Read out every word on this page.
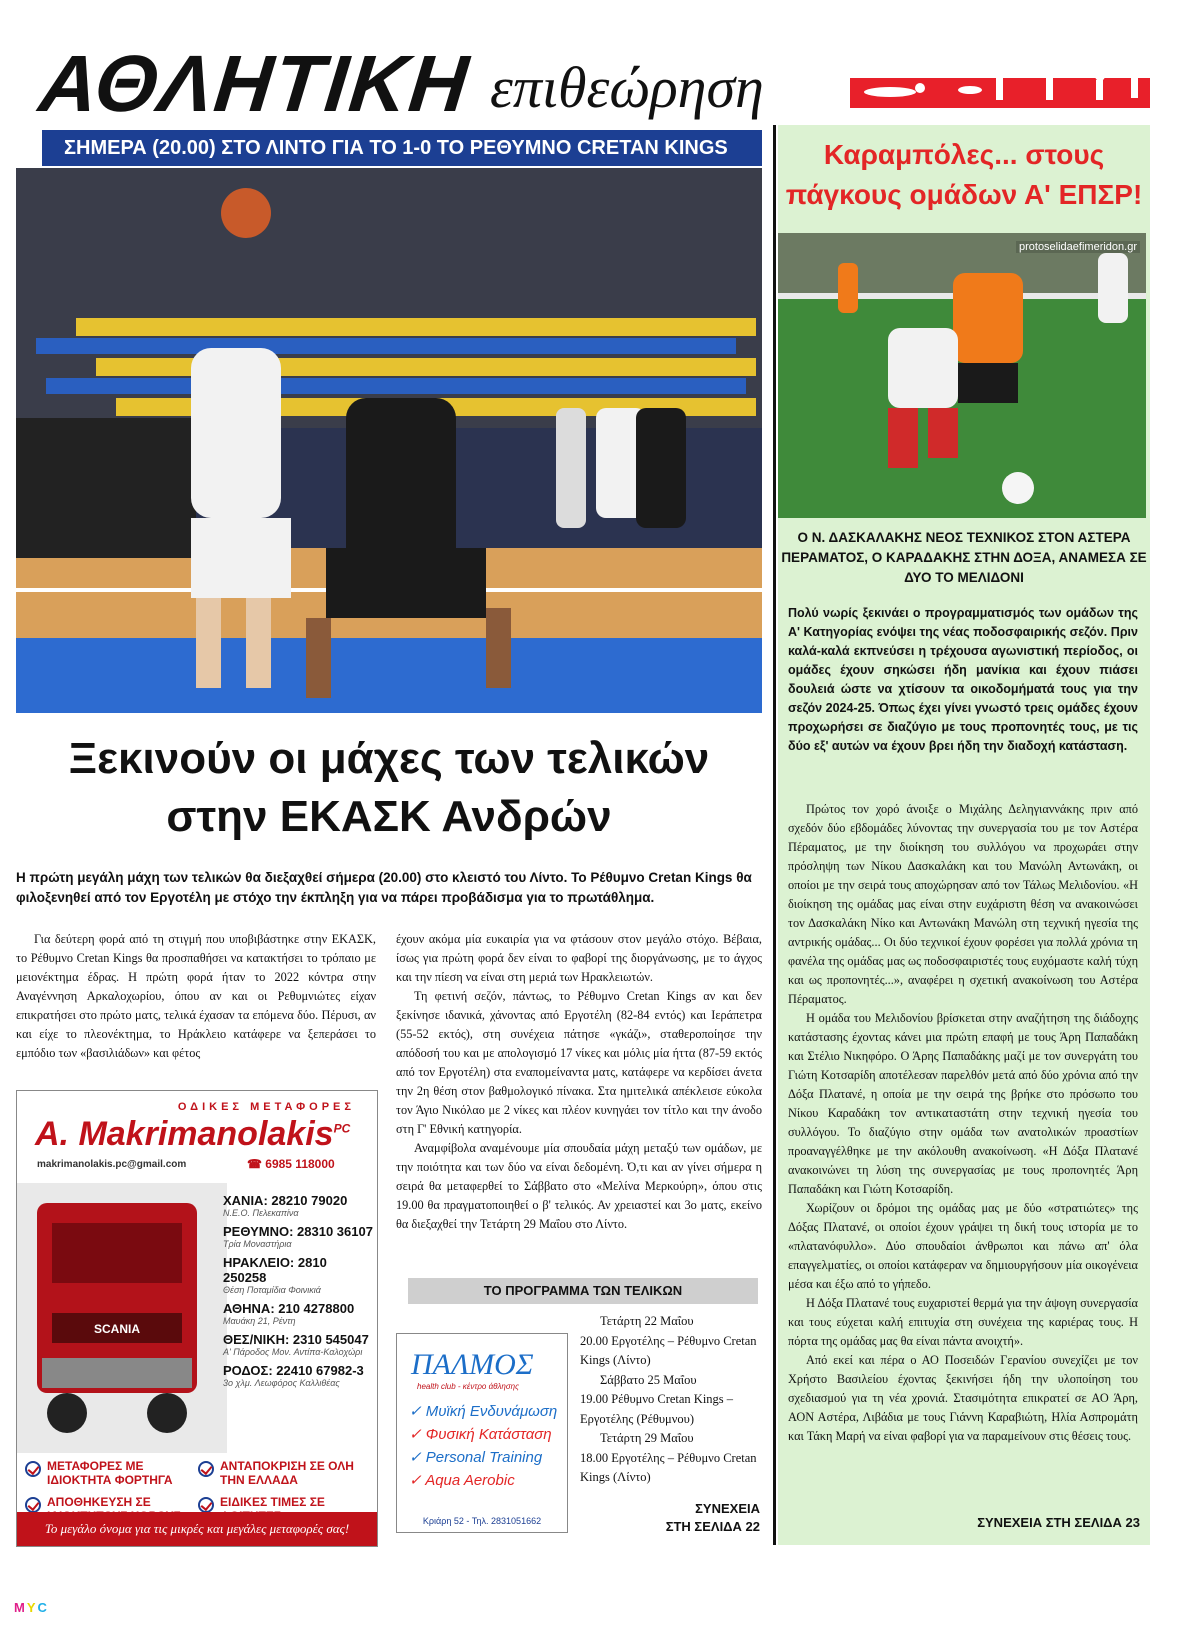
ΑΘΛΗΤΙΚΗ επιθεώρηση
ΣΗΜΕΡΑ (20.00) ΣΤΟ ΛΙΝΤΟ ΓΙΑ ΤΟ 1-0 ΤΟ ΡΕΘΥΜΝΟ CRETAN KINGS
Ξεκινούν οι μάχες των τελικών
στην ΕΚΑΣΚ Ανδρών
Η πρώτη μεγάλη μάχη των τελικών θα διεξαχθεί σήμερα (20.00) στο κλειστό του Λίντο. Το Ρέθυμνο Cretan Kings θα φιλοξενηθεί από τον Εργοτέλη με στόχο την έκπληξη για να πάρει προβάδισμα για το πρωτάθλημα.

Για δεύτερη φορά από τη στιγμή που υποβιβάστηκε στην ΕΚΑΣΚ, το Ρέθυμνο Cretan Kings θα προσπαθήσει να κατακτήσει το τρόπαιο με μειονέκτημα έδρας. Η πρώτη φορά ήταν το 2022 κόντρα στην Αναγέννηση Αρκαλοχωρίου, όπου αν και οι Ρεθυμνιώτες είχαν επικρατήσει στο πρώτο ματς, τελικά έχασαν τα επόμενα δύο. Πέρυσι, αν και είχε το πλεονέκτημα, το Ηράκλειο κατάφερε να ξεπεράσει το εμπόδιο των «βασιλιάδων» και φέτος

έχουν ακόμα μία ευκαιρία για να φτάσουν στον μεγάλο στόχο. Βέβαια, ίσως για πρώτη φορά δεν είναι το φαβορί της διοργάνωσης, με το άγχος και την πίεση να είναι στη μεριά των Ηρακλειωτών.

Τη φετινή σεζόν, πάντως, το Ρέθυμνο Cretan Kings αν και δεν ξεκίνησε ιδανικά, χάνοντας από Εργοτέλη (82-84 εντός) και Ιεράπετρα (55-52 εκτός), στη συνέχεια πάτησε «γκάζι», σταθεροποίησε την απόδοσή του και με απολογισμό 17 νίκες και μόλις μία ήττα (87-59 εκτός από τον Εργοτέλη) στα εναπομείναντα ματς, κατάφερε να κερδίσει άνετα την 2η θέση στον βαθμολογικό πίνακα. Στα ημιτελικά απέκλεισε εύκολα τον Άγιο Νικόλαο με 2 νίκες και πλέον κυνηγάει τον τίτλο και την άνοδο στη Γ' Εθνική κατηγορία.

Αναμφίβολα αναμένουμε μία σπουδαία μάχη μεταξύ των ομάδων, με την ποιότητα και των δύο να είναι δεδομένη. Ό,τι και αν γίνει σήμερα η σειρά θα μεταφερθεί το Σάββατο στο «Μελίνα Μερκούρη», όπου στις 19.00 θα πραγματοποιηθεί ο β' τελικός. Αν χρειαστεί και 3ο ματς, εκείνο θα διεξαχθεί την Τετάρτη 29 Μαΐου στο Λίντο.

ΤΟ ΠΡΟΓΡΑΜΜΑ ΤΩΝ ΤΕΛΙΚΩΝ
Τετάρτη 22 Μαΐου
20.00 Εργοτέλης – Ρέθυμνο Cretan Kings (Λίντο)
Σάββατο 25 Μαΐου
19.00 Ρέθυμνο Cretan Kings – Εργοτέλης (Ρέθυμνου)
Τετάρτη 29 Μαΐου
18.00 Εργοτέλης – Ρέθυμνο Cretan Kings (Λίντο)
ΣΥΝΕΧΕΙΑ
ΣΤΗ ΣΕΛΙΔΑ 22
ΟΔΙΚΕΣ ΜΕΤΑΦΟΡΕΣ
A. Makrimanolakis$^{PC}$
makrimanolakis.pc@gmail.com	☎ 6985 118000
SCANIA
ΧΑΝΙΑ: 28210 79020
Ν.Ε.Ο. Πελεκαπίνα
ΡΕΘΥΜΝΟ: 28310 36107
Τρία Μοναστήρια
ΗΡΑΚΛΕΙΟ: 2810 250258
Θέση Ποταμίδια Φοινικιά
ΑΘΗΝΑ: 210 4278800
Μαυάκη 21, Ρέντη
ΘΕΣ/ΝΙΚΗ: 2310 545047
Α' Πάροδος Μον. Αντίπα-Καλοχώρι
ΡΟΔΟΣ: 22410 67982-3
3ο χλμ. Λεωφόρος Καλλιθέας
ΜΕΤΑΦΟΡΕΣ ΜΕ ΙΔΙΟΚΤΗΤΑ ΦΟΡΤΗΓΑ
ΑΝΤΑΠΟΚΡΙΣΗ ΣΕ ΟΛΗ ΤΗΝ ΕΛΛΑΔΑ
ΑΠΟΘΗΚΕΥΣΗ ΣΕ	ΕΙΔΙΚΕΣ ΤΙΜΕΣ ΣΕ
Το μεγάλο όνομα για τις μικρές και μεγάλες μεταφορές σας!
ΠΑΛΜΟΣ
health club - κέντρο άθλησης
✓ Μυϊκή Ενδυνάμωση
✓ Φυσική Κατάσταση
✓ Personal Training
✓ Aqua Aerobic
Κριάρη 52 - Τηλ. 2831051662
Καραμπόλες... στους
πάγκους ομάδων Α' ΕΠΣΡ!
protoselidaefimeridon.gr
Ο Ν. ΔΑΣΚΑΛΑΚΗΣ ΝΕΟΣ ΤΕΧΝΙΚΟΣ ΣΤΟΝ ΑΣΤΕΡΑ ΠΕΡΑΜΑΤΟΣ, Ο ΚΑΡΑΔΑΚΗΣ ΣΤΗΝ ΔΟΞΑ, ΑΝΑΜΕΣΑ ΣΕ ΔΥΟ ΤΟ ΜΕΛΙΔΟΝΙ
Πολύ νωρίς ξεκινάει ο προγραμματισμός των ομάδων της Α' Κατηγορίας ενόψει της νέας ποδοσφαιρικής σεζόν. Πριν καλά-καλά εκπνεύσει η τρέχουσα αγωνιστική περίοδος, οι ομάδες έχουν σηκώσει ήδη μανίκια και έχουν πιάσει δουλειά ώστε να χτίσουν τα οικοδομήματά τους για την σεζόν 2024-25. Όπως έχει γίνει γνωστό τρεις ομάδες έχουν προχωρήσει σε διαζύγιο με τους προπονητές τους, με τις δύο εξ' αυτών να έχουν βρει ήδη την διαδοχή κατάσταση.

Πρώτος τον χορό άνοιξε ο Μιχάλης Δεληγιαννάκης πριν από σχεδόν δύο εβδομάδες λύνοντας την συνεργασία του με τον Αστέρα Πέραματος, με την διοίκηση του συλλόγου να προχωράει στην πρόσληψη των Νίκου Δασκαλάκη και του Μανώλη Αντωνάκη, οι οποίοι με την σειρά τους αποχώρησαν από τον Τάλως Μελιδονίου. «Η διοίκηση της ομάδας μας είναι στην ευχάριστη θέση να ανακοινώσει τον Δασκαλάκη Νίκο και Αντωνάκη Μανώλη στη τεχνική ηγεσία της αντρικής ομάδας... Οι δύο τεχνικοί έχουν φορέσει για πολλά χρόνια τη φανέλα της ομάδας μας ως ποδοσφαιριστές τους ευχόμαστε καλή τύχη και ως προπονητές...», αναφέρει η σχετική ανακοίνωση του Αστέρα Πέραματος.

Η ομάδα του Μελιδονίου βρίσκεται στην αναζήτηση της διάδοχης κατάστασης έχοντας κάνει μια πρώτη επαφή με τους Άρη Παπαδάκη και Στέλιο Νικηφόρο. Ο Άρης Παπαδάκης μαζί με τον συνεργάτη του Γιώτη Κοτσαρίδη αποτέλεσαν παρελθόν μετά από δύο χρόνια από την Δόξα Πλατανέ, η οποία με την σειρά της βρήκε στο πρόσωπο του Νίκου Καραδάκη τον αντικαταστάτη στην τεχνική ηγεσία του συλλόγου. Το διαζύγιο στην ομάδα των ανατολικών προαστίων προαναγγέλθηκε με την ακόλουθη ανακοίνωση. «Η Δόξα Πλατανέ ανακοινώνει τη λύση της συνεργασίας με τους προπονητές Άρη Παπαδάκη και Γιώτη Κοτσαρίδη.

Χωρίζουν οι δρόμοι της ομάδας μας με δύο «στρατιώτες» της Δόξας Πλατανέ, οι οποίοι έχουν γράψει τη δική τους ιστορία με το «πλατανόφυλλο». Δύο σπουδαίοι άνθρωποι και πάνω απ' όλα επαγγελματίες, οι οποίοι κατάφεραν να δημιουργήσουν μία οικογένεια μέσα και έξω από το γήπεδο.

Η Δόξα Πλατανέ τους ευχαριστεί θερμά για την άψογη συνεργασία και τους εύχεται καλή επιτυχία στη συνέχεια της καριέρας τους. Η πόρτα της ομάδας μας θα είναι πάντα ανοιχτή».

Από εκεί και πέρα ο ΑΟ Ποσειδών Γερανίου συνεχίζει με τον Χρήστο Βασιλείου έχοντας ξεκινήσει ήδη την υλοποίηση του σχεδιασμού για τη νέα χρονιά. Στασιμότητα επικρατεί σε ΑΟ Άρη, ΑΟΝ Αστέρα, Λιβάδια με τους Γιάννη Καραβιώτη, Ηλία Ασπρομάτη και Τάκη Μαρή να είναι φαβορί για να παραμείνουν στις θέσεις τους.

ΣΥΝΕΧΕΙΑ ΣΤΗ ΣΕΛΙΔΑ 23
MYC
